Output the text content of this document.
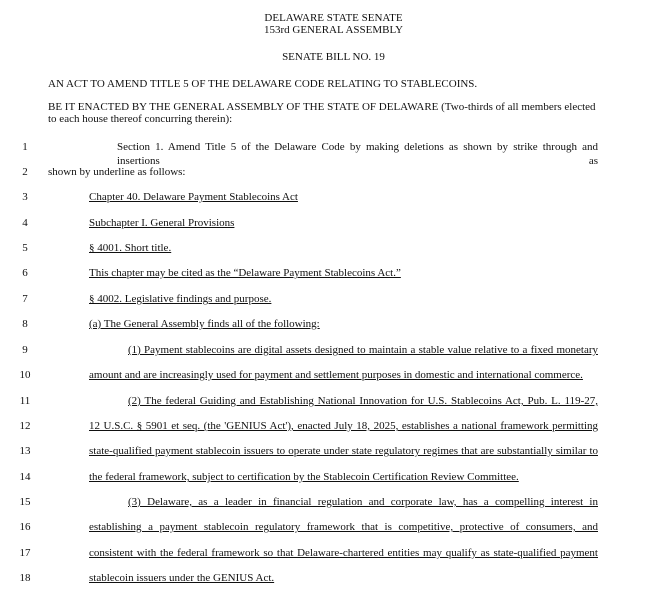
DELAWARE STATE SENATE
153rd GENERAL ASSEMBLY
SENATE BILL NO. 19
AN ACT TO AMEND TITLE 5 OF THE DELAWARE CODE RELATING TO STABLECOINS.
BE IT ENACTED BY THE GENERAL ASSEMBLY OF THE STATE OF DELAWARE (Two-thirds of all members elected to each house thereof concurring therein):
1	Section 1. Amend Title 5 of the Delaware Code by making deletions as shown by strike through and insertions as
2	shown by underline as follows:
3	Chapter 40. Delaware Payment Stablecoins Act
4	Subchapter I. General Provisions
5	§ 4001. Short title.
6	This chapter may be cited as the “Delaware Payment Stablecoins Act.”
7	§ 4002. Legislative findings and purpose.
8	(a) The General Assembly finds all of the following:
9	(1) Payment stablecoins are digital assets designed to maintain a stable value relative to a fixed monetary
10	amount and are increasingly used for payment and settlement purposes in domestic and international commerce.
11	(2) The federal Guiding and Establishing National Innovation for U.S. Stablecoins Act, Pub. L. 119-27,
12	12 U.S.C. § 5901 et seq. (the 'GENIUS Act'), enacted July 18, 2025, establishes a national framework permitting
13	state-qualified payment stablecoin issuers to operate under state regulatory regimes that are substantially similar to
14	the federal framework, subject to certification by the Stablecoin Certification Review Committee.
15	(3) Delaware, as a leader in financial regulation and corporate law, has a compelling interest in
16	establishing a payment stablecoin regulatory framework that is competitive, protective of consumers, and
17	consistent with the federal framework so that Delaware-chartered entities may qualify as state-qualified payment
18	stablecoin issuers under the GENIUS Act.
